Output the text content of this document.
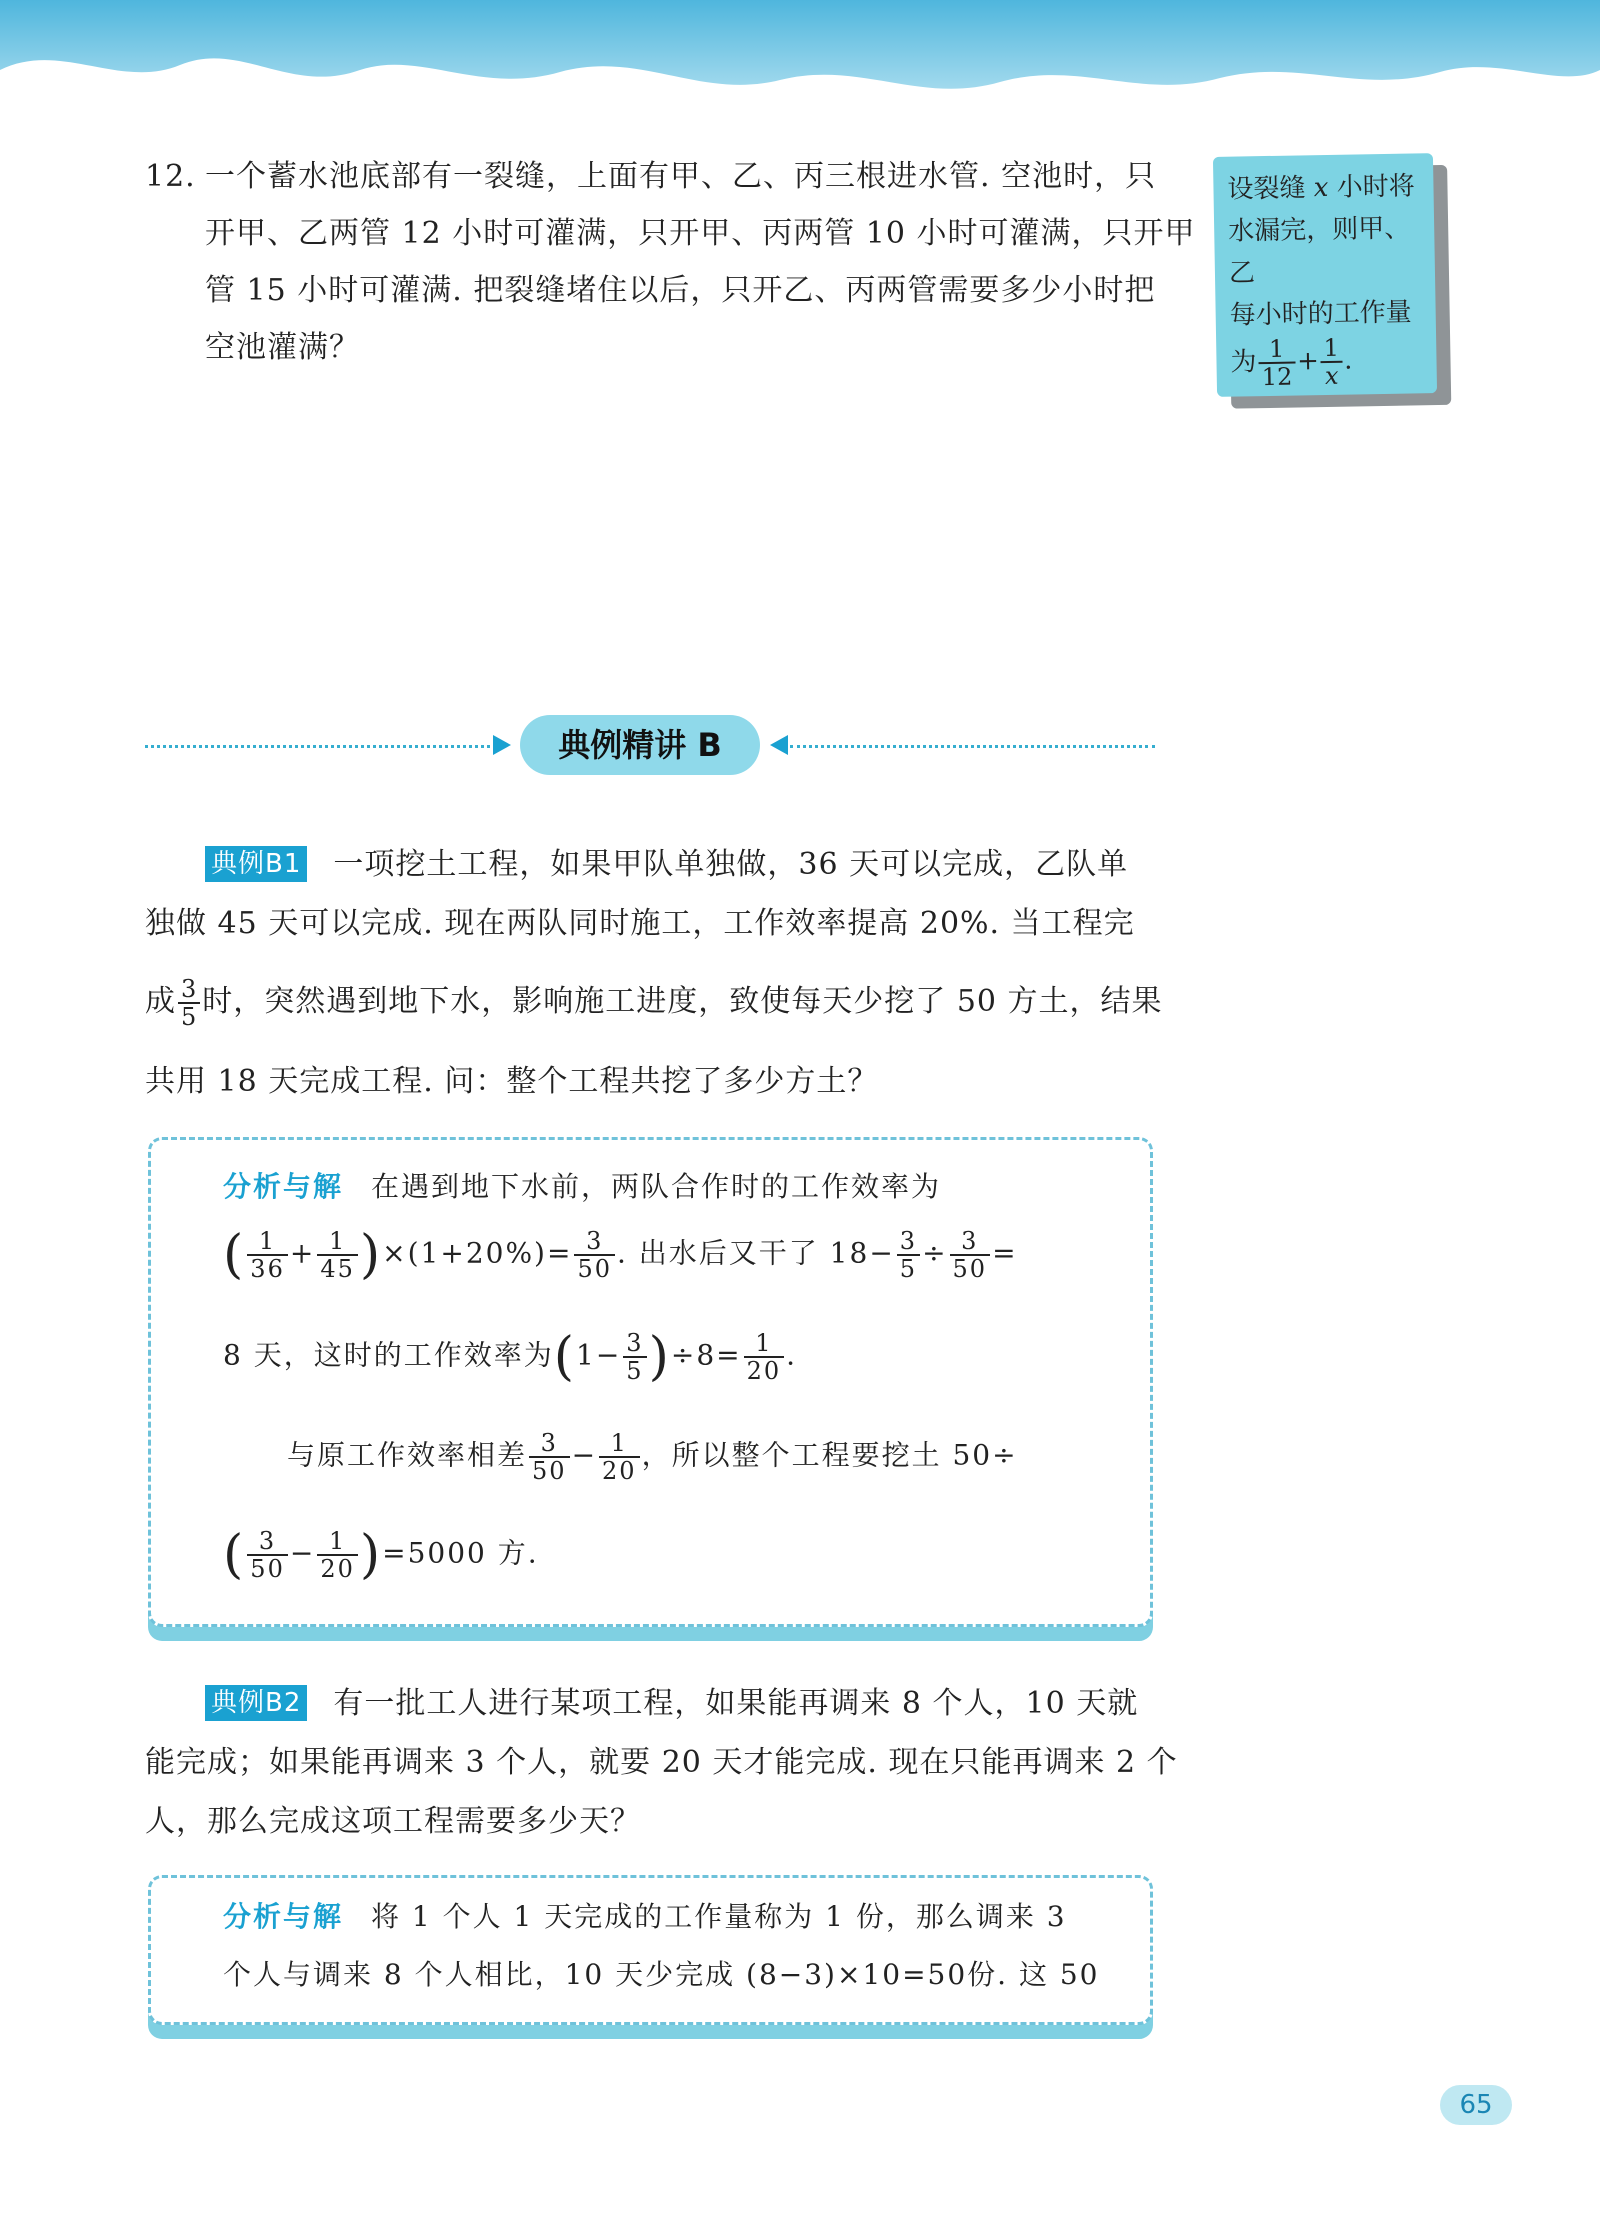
12. 一个蓄水池底部有一裂缝，上面有甲、乙、丙三根进水管. 空池时，只
开甲、乙两管 12 小时可灌满，只开甲、丙两管 10 小时可灌满，只开甲
管 15 小时可灌满. 把裂缝堵住以后，只开乙、丙两管需要多少小时把
空池灌满？
设裂缝 x 小时将
水漏完，则甲、乙
每小时的工作量
为 $\frac{1}{12} + \frac{1}{x}$ .
典例精讲 B
典例B1 一项挖土工程，如果甲队单独做，36 天可以完成，乙队单
独做 45 天可以完成. 现在两队同时施工，工作效率提高 20%. 当工程完
成 $\frac{3}{5}$ 时，突然遇到地下水，影响施工进度，致使每天少挖了 50 方土，结果
共用 18 天完成工程. 问：整个工程共挖了多少方土？
分析与解 在遇到地下水前，两队合作时的工作效率为
( $\frac{1}{36} + \frac{1}{45} )\times(1+20\%)= \frac{3}{50}$ . 出水后又干了 $18- \frac{3}{5} \div \frac{3}{50}$ =
8 天，这时的工作效率为$(1- \frac{3}{5} )\div 8= \frac{1}{20}$ .
与原工作效率相差 $\frac{3}{50} - \frac{1}{20}$ ，所以整个工程要挖土 50÷
( $\frac{3}{50} - \frac{1}{20} )=5000$ 方.
典例B2 有一批工人进行某项工程，如果能再调来 8 个人，10 天就
能完成；如果能再调来 3 个人，就要 20 天才能完成. 现在只能再调来 2 个
人，那么完成这项工程需要多少天？
分析与解 将 1 个人 1 天完成的工作量称为 1 份，那么调来 3
个人与调来 8 个人相比，10 天少完成 (8−3)×10=50份. 这 50
65
